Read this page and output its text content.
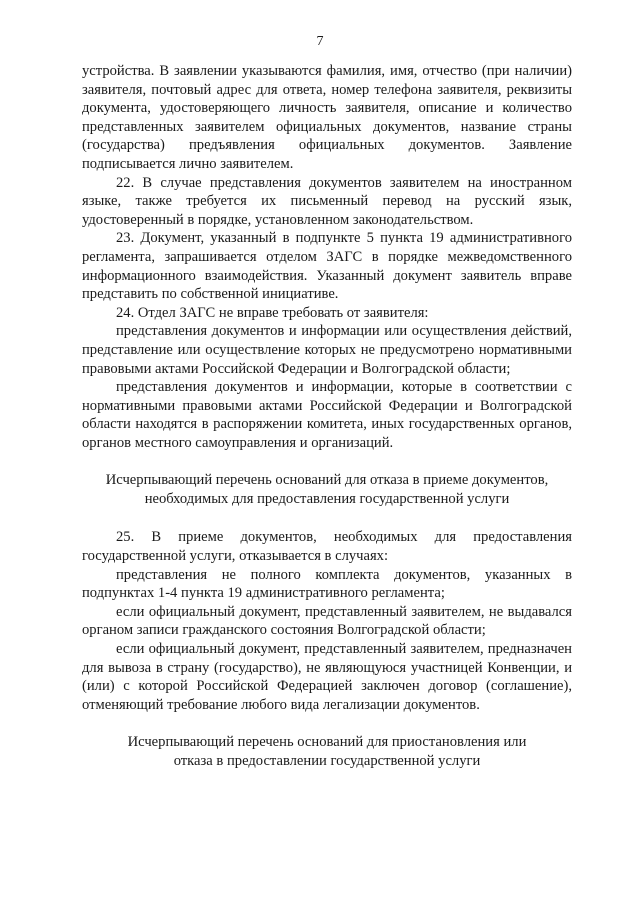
7

устройства. В заявлении указываются фамилия, имя, отчество (при наличии) заявителя, почтовый адрес для ответа, номер телефона заявителя, реквизиты документа, удостоверяющего личность заявителя, описание и количество представленных заявителем официальных документов, название страны (государства) предъявления официальных документов. Заявление подписывается лично заявителем.

22. В случае представления документов заявителем на иностранном языке, также требуется их письменный перевод на русский язык, удостоверенный в порядке, установленном законодательством.

23. Документ, указанный в подпункте 5 пункта 19 административного регламента, запрашивается отделом ЗАГС в порядке межведомственного информационного взаимодействия. Указанный документ заявитель вправе представить по собственной инициативе.

24. Отдел ЗАГС не вправе требовать от заявителя:

представления документов и информации или осуществления действий, представление или осуществление которых не предусмотрено нормативными правовыми актами Российской Федерации и Волгоградской области;

представления документов и информации, которые в соответствии с нормативными правовыми актами Российской Федерации и Волгоградской области находятся в распоряжении комитета, иных государственных органов, органов местного самоуправления и организаций.

Исчерпывающий перечень оснований для отказа в приеме документов,
необходимых для предоставления государственной услуги

25. В приеме документов, необходимых для предоставления государственной услуги, отказывается в случаях:

представления не полного комплекта документов, указанных в подпунктах 1-4 пункта 19 административного регламента;

если официальный документ, представленный заявителем, не выдавался органом записи гражданского состояния Волгоградской области;

если официальный документ, представленный заявителем, предназначен для вывоза в страну (государство), не являющуюся участницей Конвенции, и (или) с которой Российской Федерацией заключен договор (соглашение), отменяющий требование любого вида легализации документов.

Исчерпывающий перечень оснований для приостановления или
отказа в предоставлении государственной услуги
